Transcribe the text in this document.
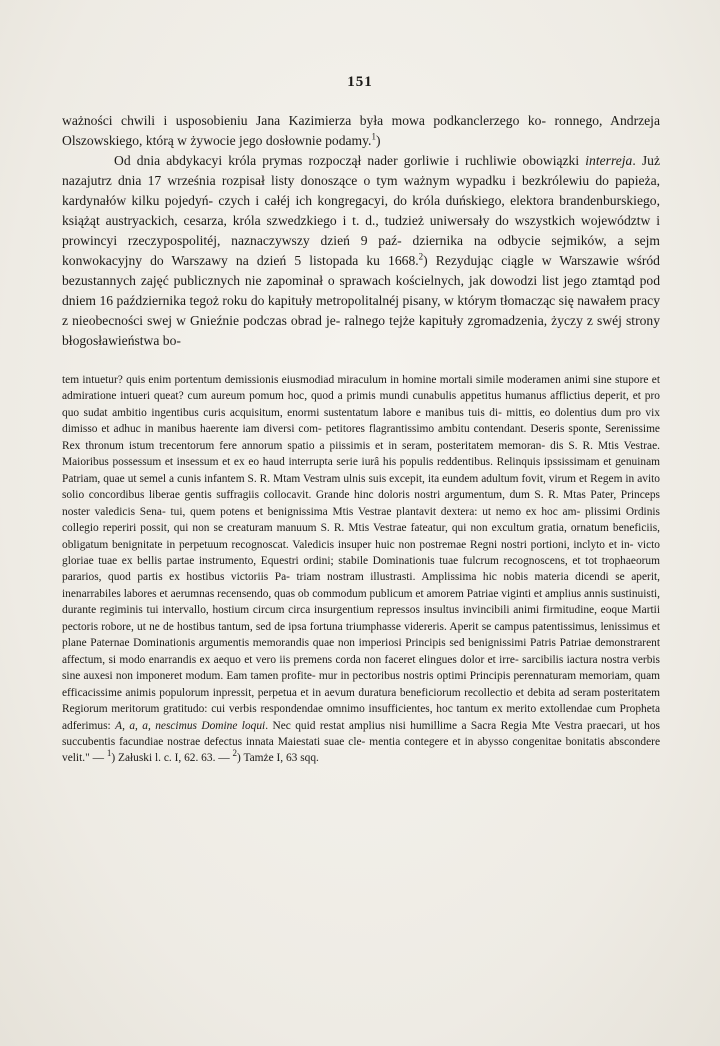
151

ważności chwili i usposobieniu Jana Kazimierza była mowa podkanclerzego ko- ronnego, Andrzeja Olszowskiego, którą w żywocie jego dosłownie podamy.$^1$)

Od dnia abdykacyi króla prymas rozpoczął nader gorliwie i ruchliwie obowiązki interreja. Już nazajutrz dnia 17 września rozpisał listy donoszące o tym ważnym wypadku i bezkrólewiu do papieża, kardynałów kilku pojedyń- czych i całéj ich kongregacyi, do króla duńskiego, elektora brandenburskiego, książąt austryackich, cesarza, króla szwedzkiego i t. d., tudzież uniwersały do wszystkich województw i prowincyi rzeczypospolitéj, naznaczywszy dzień 9 paź- dziernika na odbycie sejmików, a sejm konwokacyjny do Warszawy na dzień 5 listopada ku 1668.$^2$) Rezydując ciągle w Warszawie wśród bezustannych zajęć publicznych nie zapominał o sprawach kościelnych, jak dowodzi list jego ztamtąd pod dniem 16 października tegoż roku do kapituły metropolitalnéj pisany, w którym tłomacząc się nawałem pracy z nieobecności swej w Gnieźnie podczas obrad je- ralnego tejże kapituły zgromadzenia, życzy z swéj strony błogosławieństwa bo-

tem intuetur? quis enim portentum demissionis eiusmodiad miraculum in homine mortali simile moderamen animi sine stupore et admiratione intueri queat? cum aureum pomum hoc, quod a primis mundi cunabulis appetitus humanus afflictius deperit, et pro quo sudat ambitio ingentibus curis acquisitum, enormi sustentatum labore e manibus tuis di- mittis, eo dolentius dum pro vix dimisso et adhuc in manibus haerente iam diversi com- petitores flagrantissimo ambitu contendant. Deseris sponte, Serenissime Rex thronum istum trecentorum fere annorum spatio a piissimis et in seram, posteritatem memoran- dis S. R. Mtis Vestrae. Maioribus possessum et insessum et ex eo haud interrupta serie iurâ his populis reddentibus. Relinquis ipssissimam et genuinam Patriam, quae ut semel a cunis infantem S. R. Mtam Vestram ulnis suis excepit, ita eundem adultum fovit, virum et Regem in avito solio concordibus liberae gentis suffragiis collocavit. Grande hinc doloris nostri argumentum, dum S. R. Mtas Pater, Princeps noster valedicis Sena- tui, quem potens et benignissima Mtis Vestrae plantavit dextera: ut nemo ex hoc am- plissimi Ordinis collegio reperiri possit, qui non se creaturam manuum S. R. Mtis Vestrae fateatur, qui non excultum gratia, ornatum beneficiis, obligatum benignitate in perpetuum recognoscat. Valedicis insuper huic non postremae Regni nostri portioni, inclyto et in- victo gloriae tuae ex bellis partae instrumento, Equestri ordini; stabile Dominationis tuae fulcrum recognoscens, et tot trophaeorum pararios, quod partis ex hostibus victoriis Pa- triam nostram illustrasti. Amplissima hic nobis materia dicendi se aperit, inenarrabiles labores et aerumnas recensendo, quas ob commodum publicum et amorem Patriae viginti et amplius annis sustinuisti, durante regiminis tui intervallo, hostium circum circa insurgentium repressos insultus invincibili animi firmitudine, eoque Martii pectoris robore, ut ne de hostibus tantum, sed de ipsa fortuna triumphasse videreris. Aperit se campus patentissimus, lenissimus et plane Paternae Dominationis argumentis memorandis quae non imperiosi Principis sed benignissimi Patris Patriae demonstrarent affectum, si modo enarrandis ex aequo et vero iis premens corda non faceret elingues dolor et irre- sarcibilis iactura nostra verbis sine auxesi non imponeret modum. Eam tamen profite- mur in pectoribus nostris optimi Principis perennaturam memoriam, quam efficacissime animis populorum inpressit, perpetua et in aevum duratura beneficiorum recollectio et debita ad seram posteritatem Regiorum meritorum gratitudo: cui verbis respondendae omnimo insufficientes, hoc tantum ex merito extollendae cum Propheta adferimus: A, a, a, nescimus Domine loqui. Nec quid restat amplius nisi humillime a Sacra Regia Mte Vestra praecari, ut hos succubentis facundiae nostrae defectus innata Maiestati suae cle- mentia contegere et in abysso congenitae bonitatis abscondere velit." — $^1$) Załuski l. c. I, 62. 63. — $^2$) Tamże I, 63 sqq.
